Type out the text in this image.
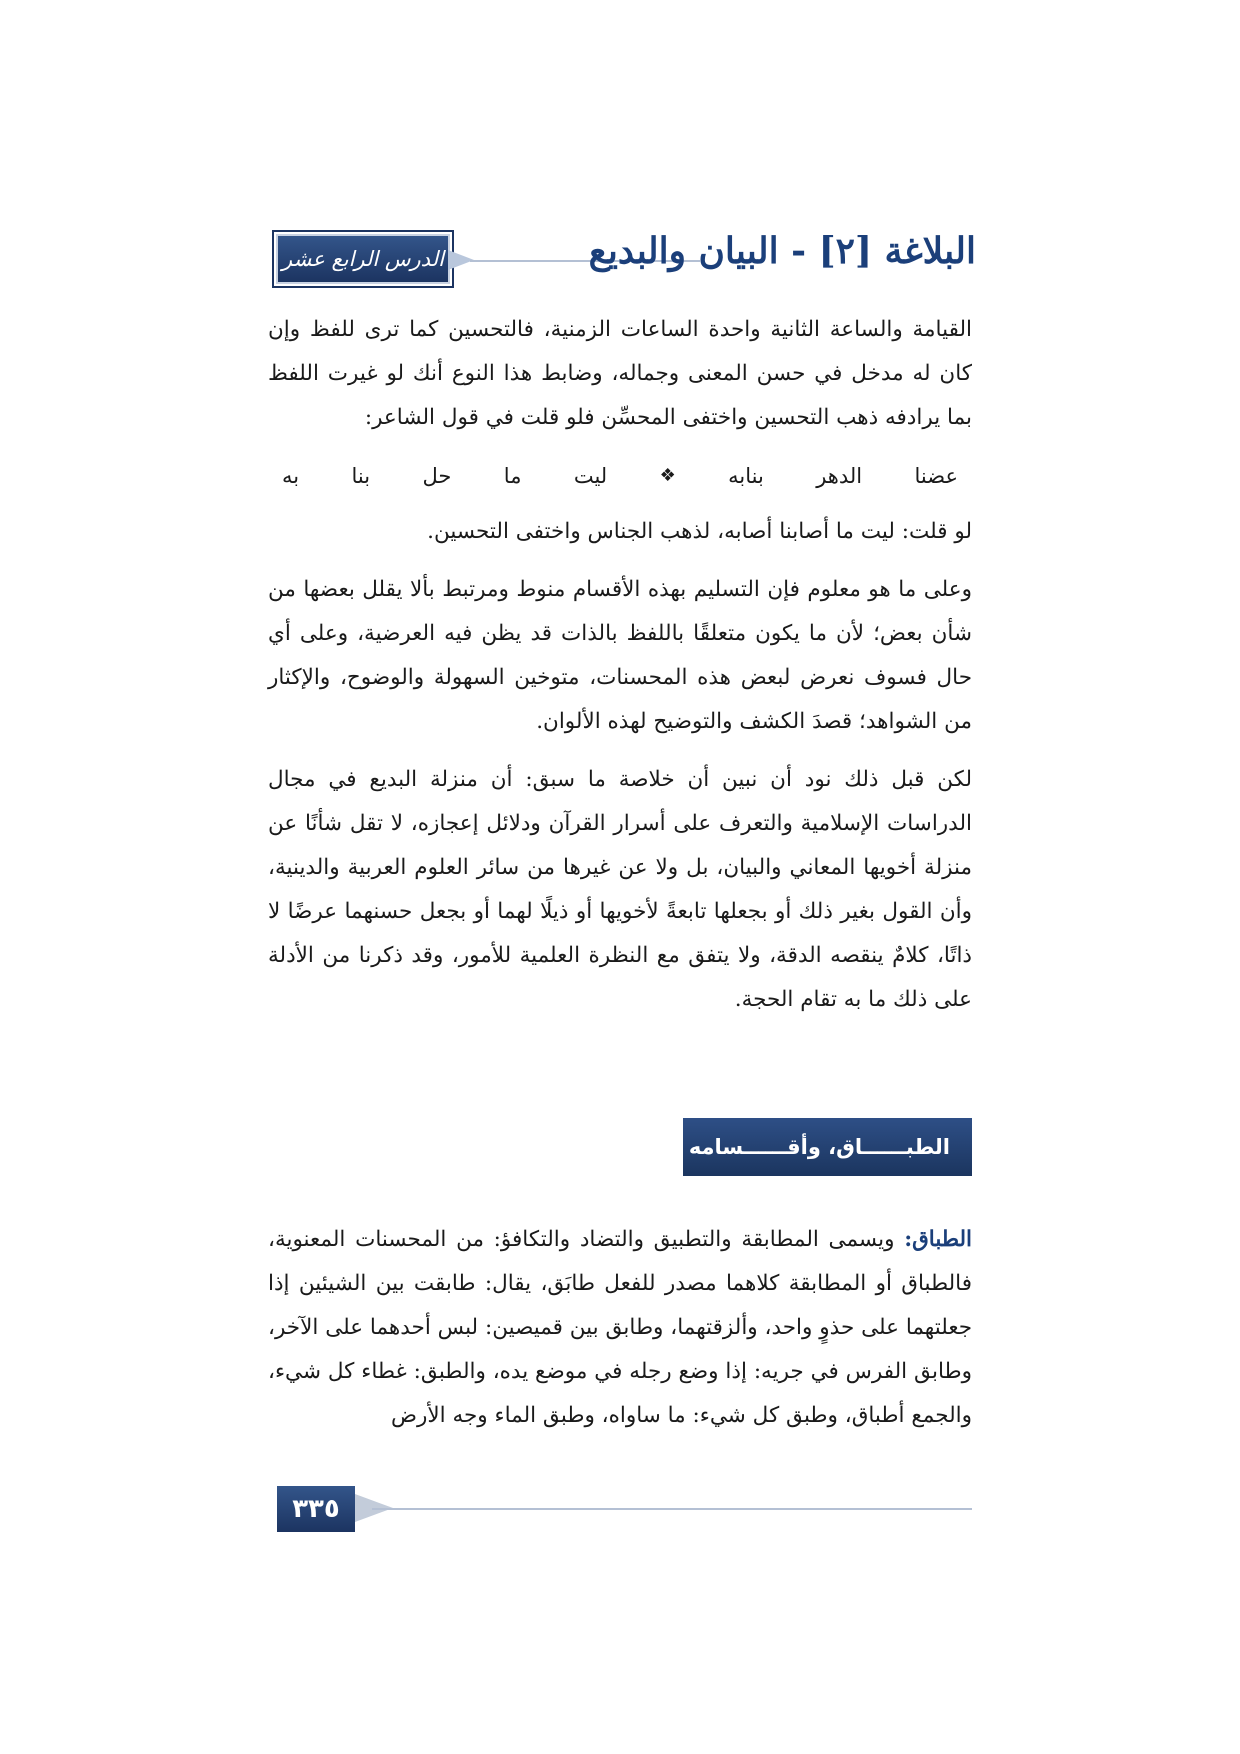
الدرس الرابع عشر	البلاغة [٢] - البيان والبديع

القيامة والساعة الثانية واحدة الساعات الزمنية، فالتحسين كما ترى للفظ وإن كان له مدخل في حسن المعنى وجماله، وضابط هذا النوع أنك لو غيرت اللفظ بما يرادفه ذهب التحسين واختفى المحسِّن فلو قلت في قول الشاعر:

عضنا
الدهر
بنابه
❖
ليت
ما
حل
بنا
به

لو قلت: ليت ما أصابنا أصابه، لذهب الجناس واختفى التحسين.

وعلى ما هو معلوم فإن التسليم بهذه الأقسام منوط ومرتبط بألا يقلل بعضها من شأن بعض؛ لأن ما يكون متعلقًا باللفظ بالذات قد يظن فيه العرضية، وعلى أي حال فسوف نعرض لبعض هذه المحسنات، متوخين السهولة والوضوح، والإكثار من الشواهد؛ قصدَ الكشف والتوضيح لهذه الألوان.

لكن قبل ذلك نود أن نبين أن خلاصة ما سبق: أن منزلة البديع في مجال الدراسات الإسلامية والتعرف على أسرار القرآن ودلائل إعجازه، لا تقل شأنًا عن منزلة أخويها المعاني والبيان، بل ولا عن غيرها من سائر العلوم العربية والدينية، وأن القول بغير ذلك أو بجعلها تابعةً لأخويها أو ذيلًا لهما أو بجعل حسنهما عرضًا لا ذاتًا، كلامٌ ينقصه الدقة، ولا يتفق مع النظرة العلمية للأمور، وقد ذكرنا من الأدلة على ذلك ما به تقام الحجة.

الطبــــــاق، وأقــــــسامه

الطباق: ويسمى المطابقة والتطبيق والتضاد والتكافؤ: من المحسنات المعنوية، فالطباق أو المطابقة كلاهما مصدر للفعل طابَق، يقال: طابقت بين الشيئين إذا جعلتهما على حذوٍ واحد، وألزقتهما، وطابق بين قميصين: لبس أحدهما على الآخر، وطابق الفرس في جريه: إذا وضع رجله في موضع يده، والطبق: غطاء كل شيء، والجمع أطباق، وطبق كل شيء: ما ساواه، وطبق الماء وجه الأرض

٣٣٥
